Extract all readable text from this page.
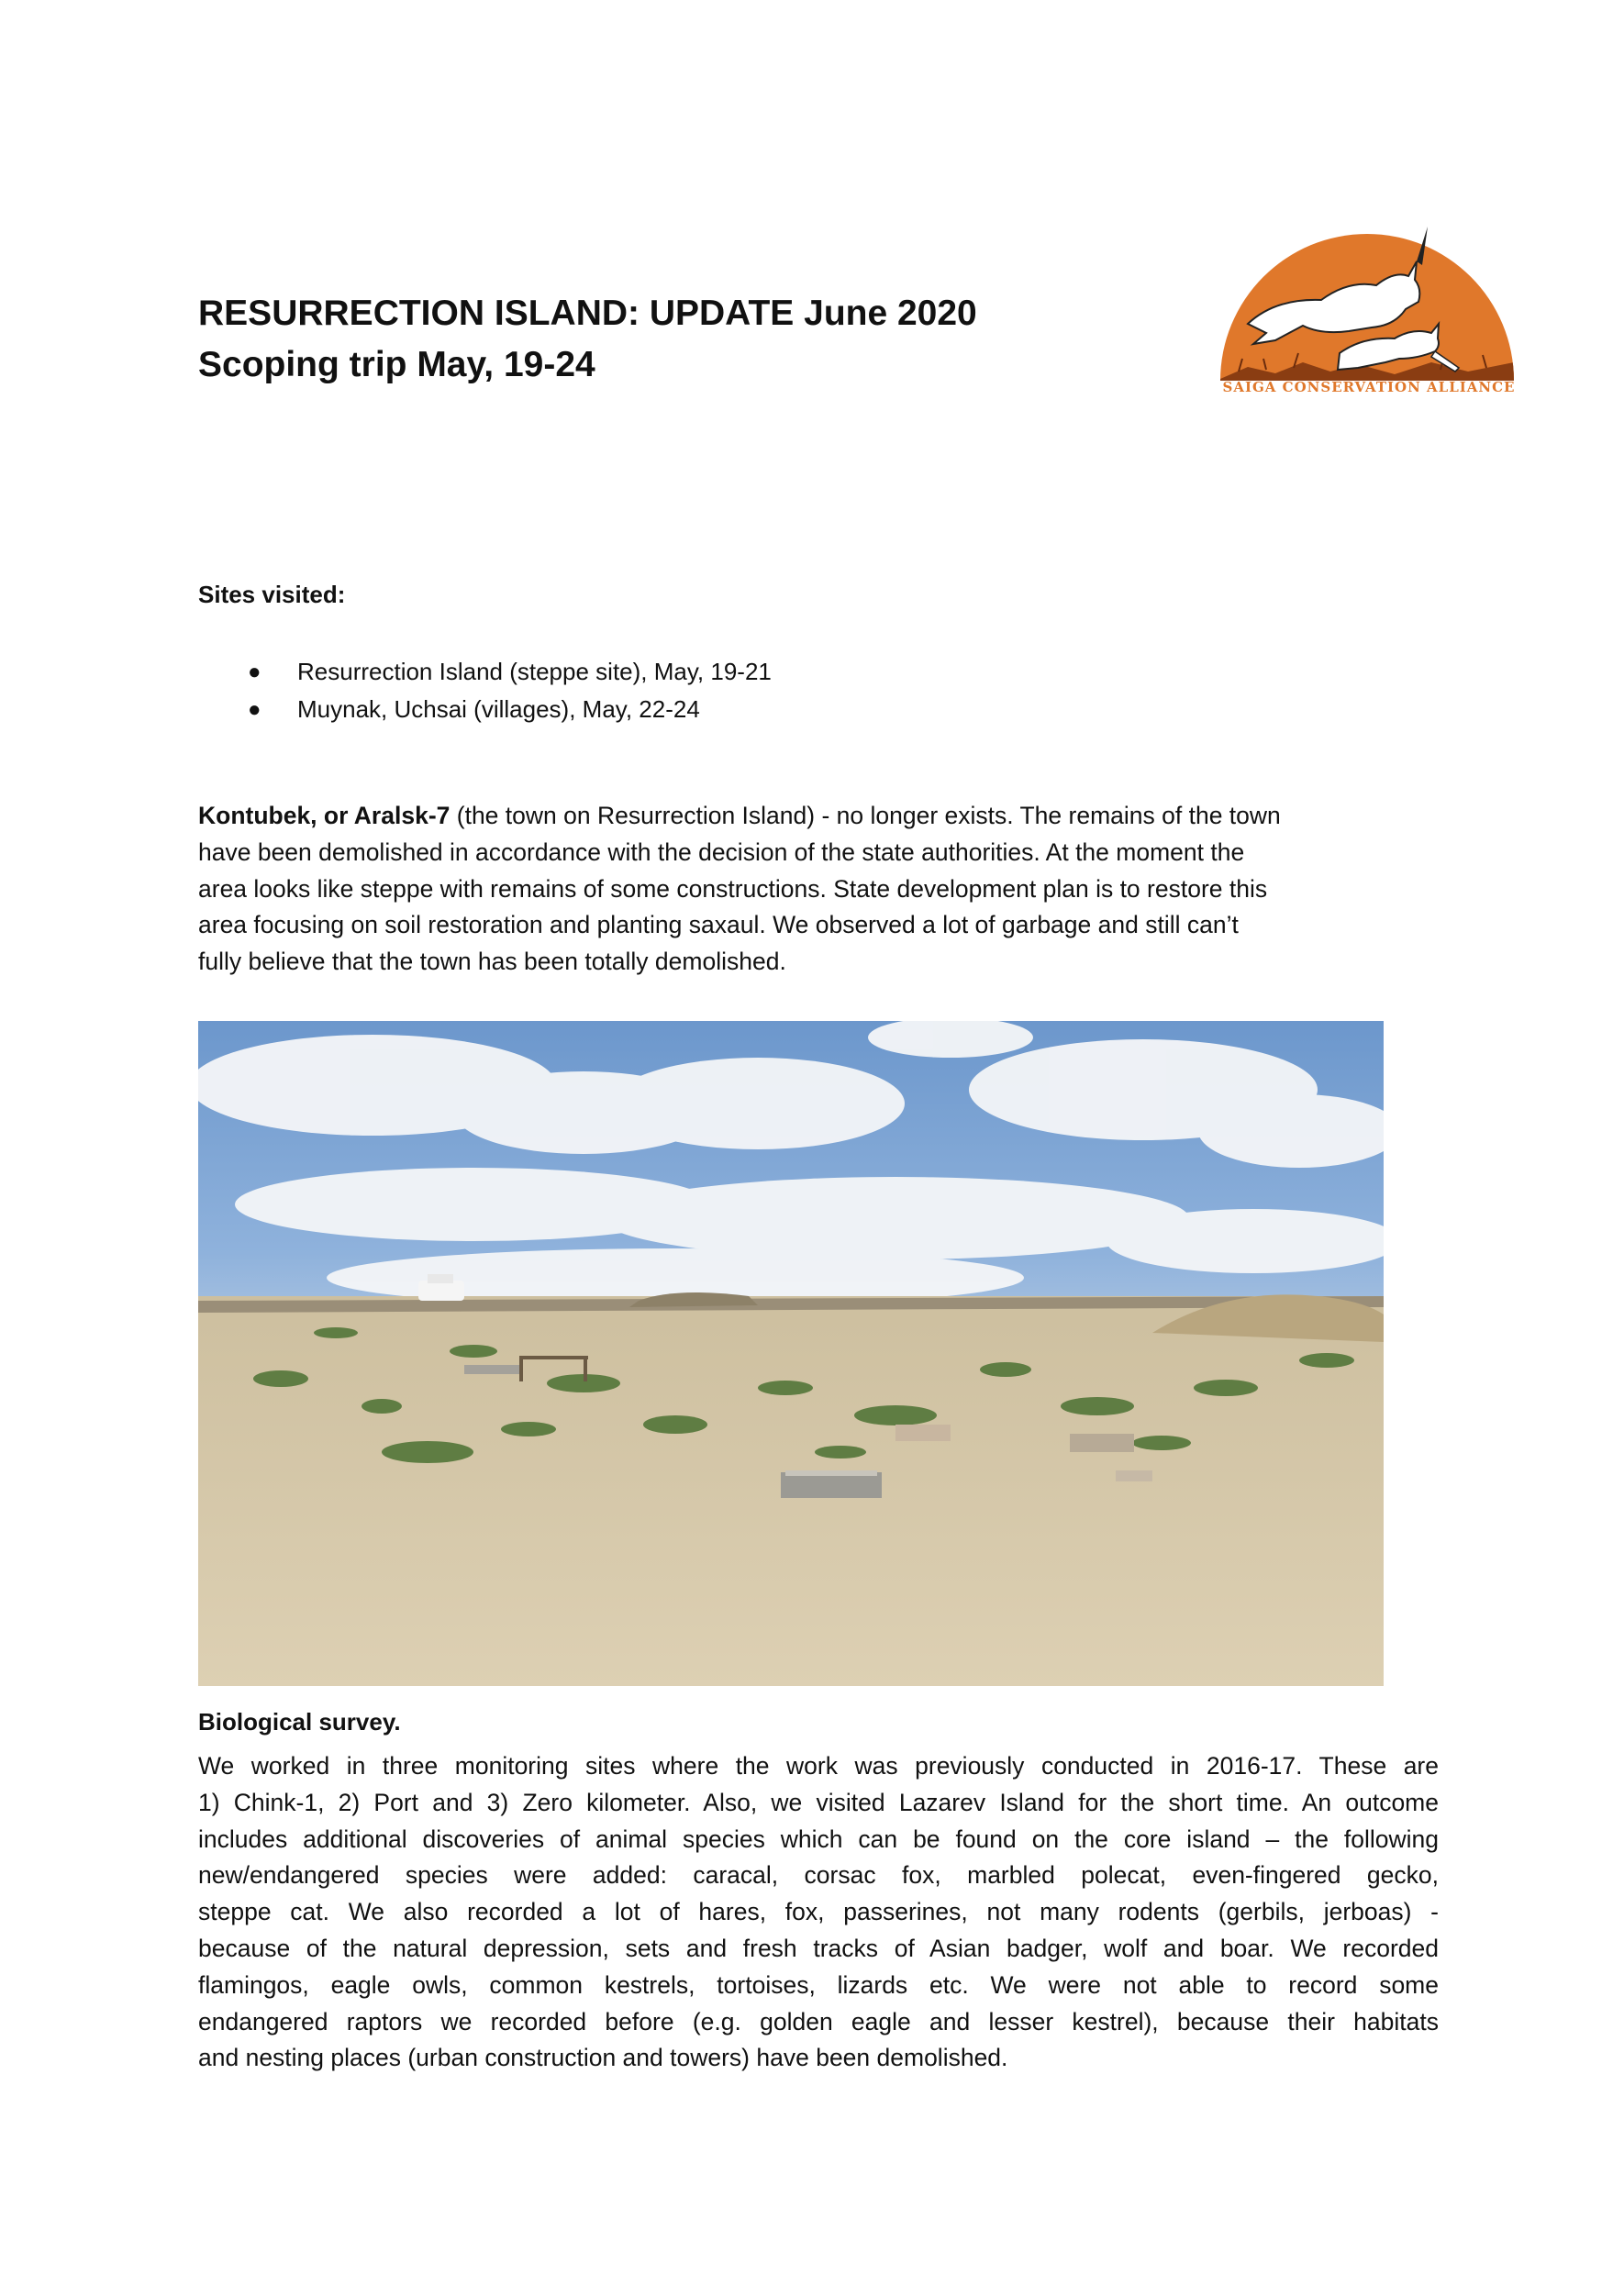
RESURRECTION ISLAND: UPDATE June 2020
Scoping trip May, 19-24
SAIGA CONSERVATION ALLIANCE
Sites visited:
● Resurrection Island (steppe site), May, 19-21
● Muynak, Uchsai (villages), May, 22-24

Kontubek, or Aralsk-7 (the town on Resurrection Island) - no longer exists. The remains of the town
have been demolished in accordance with the decision of the state authorities. At the moment the
area looks like steppe with remains of some constructions. State development plan is to restore this
area focusing on soil restoration and planting saxaul. We observed a lot of garbage and still can’t
fully believe that the town has been totally demolished.

Biological survey.

We worked in three monitoring sites where the work was previously conducted in 2016-17. These are
1) Chink-1, 2) Port and 3) Zero kilometer. Also, we visited Lazarev Island for the short time. An outcome
includes additional discoveries of animal species which can be found on the core island – the following
new/endangered species were added: caracal, corsac fox, marbled polecat, even-fingered gecko,
steppe cat. We also recorded a lot of hares, fox, passerines, not many rodents (gerbils, jerboas) -
because of the natural depression, sets and fresh tracks of Asian badger, wolf and boar. We recorded
flamingos, eagle owls, common kestrels, tortoises, lizards etc. We were not able to record some
endangered raptors we recorded before (e.g. golden eagle and lesser kestrel), because their habitats
and nesting places (urban construction and towers) have been demolished.
